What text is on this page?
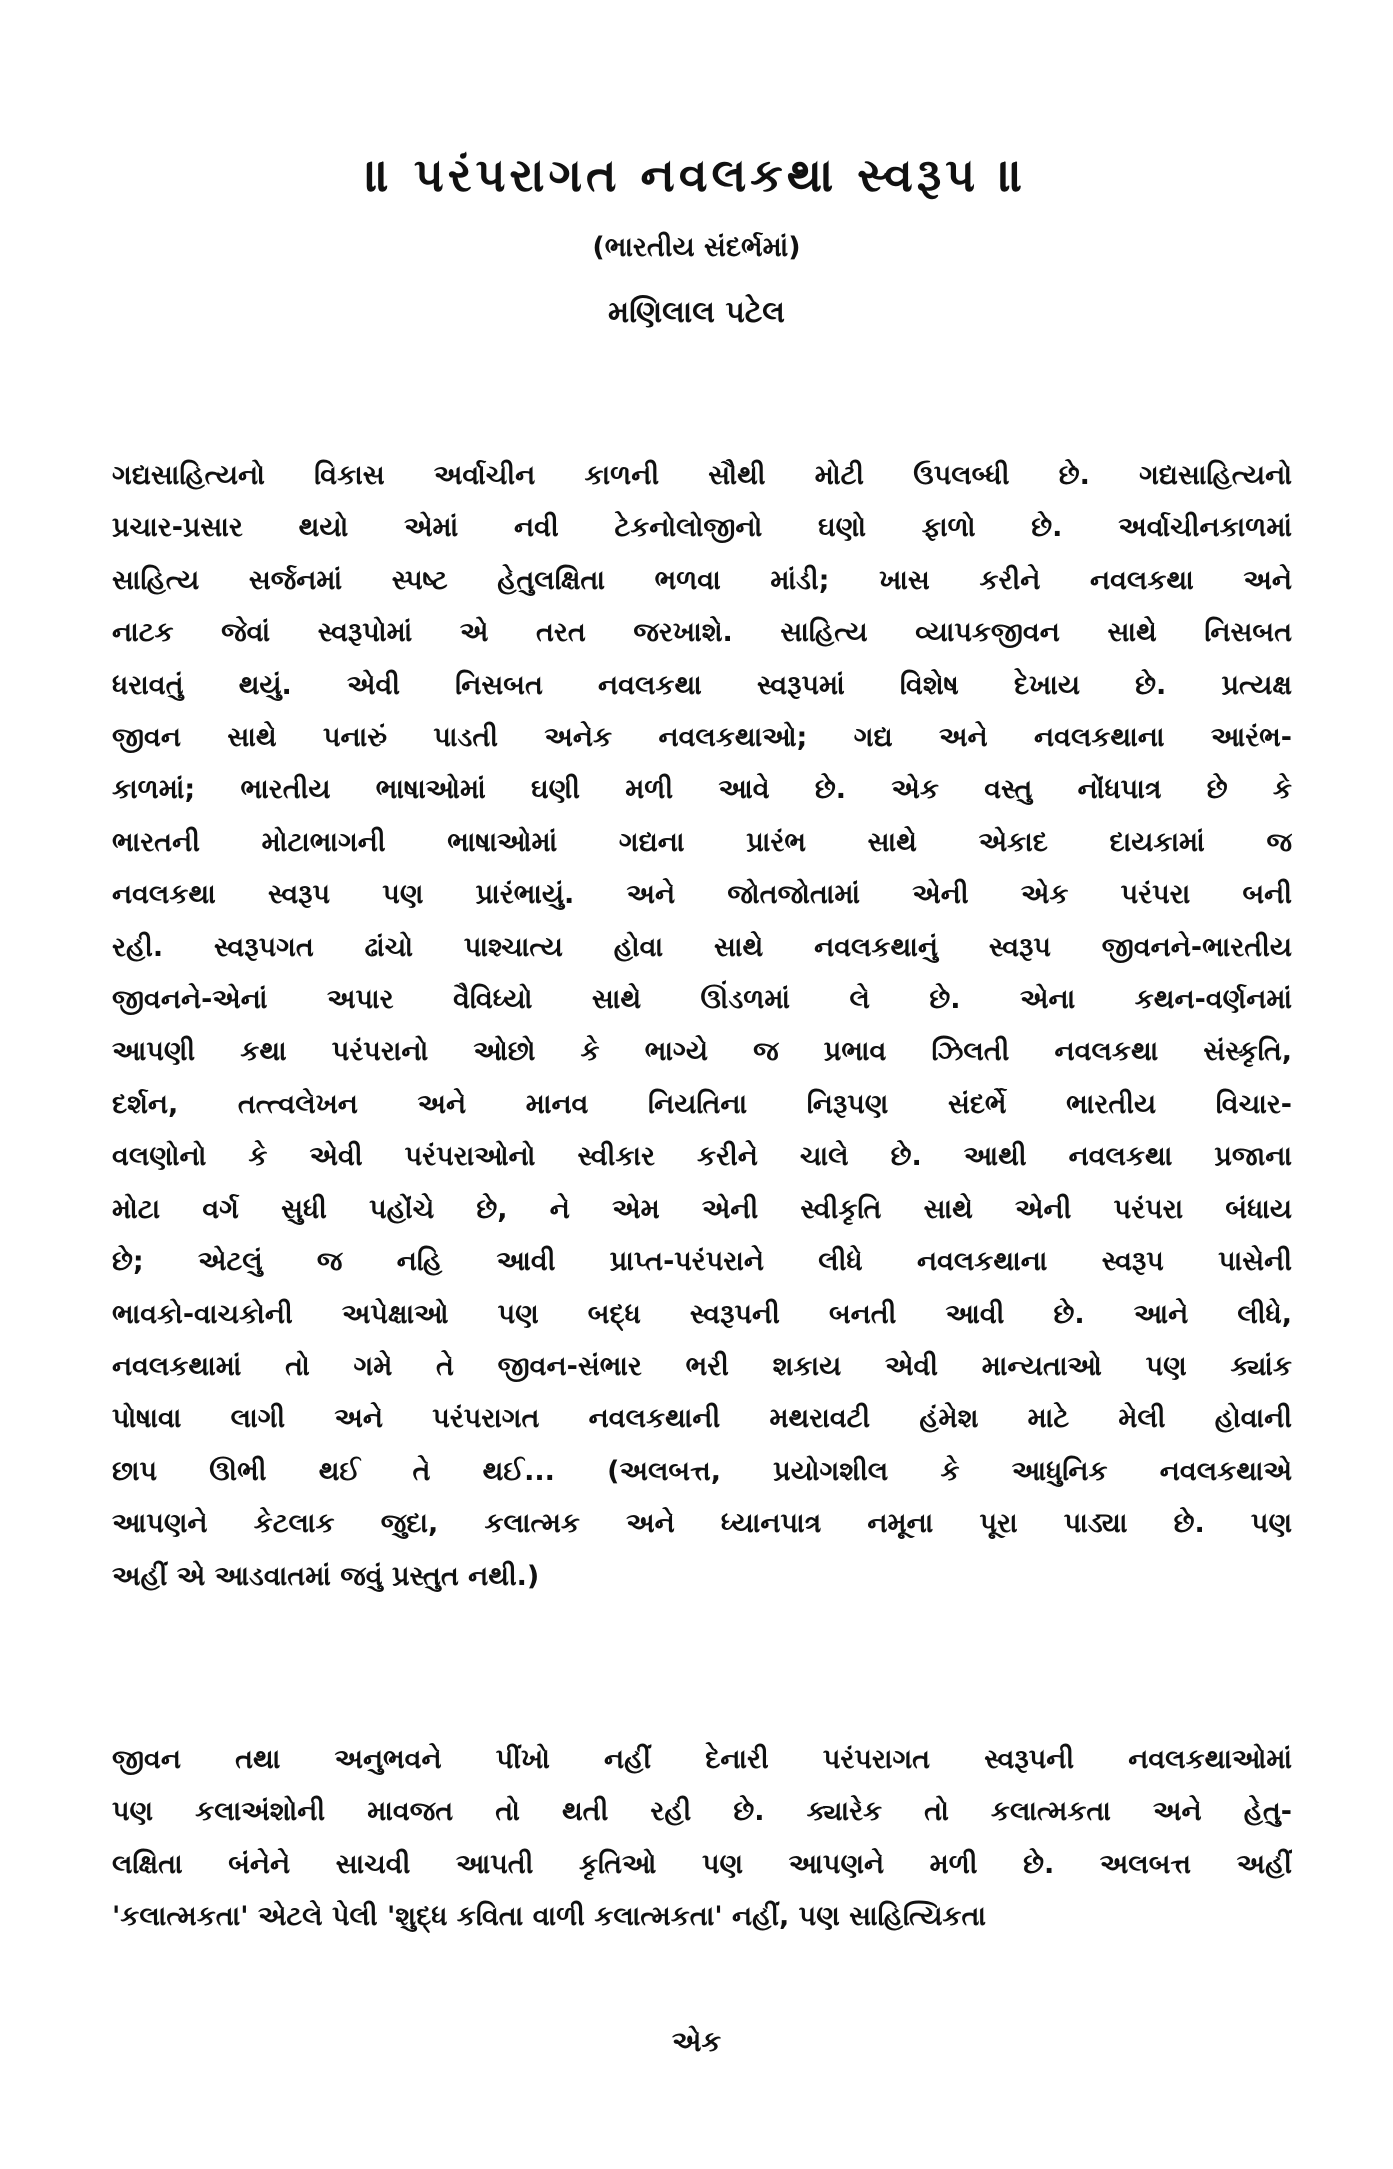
॥ પરંપરાગત નવલકથા સ્વરૂપ ॥
(ભારતીય સંદર્ભમાં)
મણિલાલ પટેલ
ગદ્યસાહિત્યનો વિકાસ અર્વાચીન કાળની સૌથી મોટી ઉપલબ્ધી છે. ગદ્યસાહિત્યનો
પ્રચાર-પ્રસાર થયો એમાં નવી ટેકનોલોજીનો ઘણો ફાળો છે. અર્વાચીનકાળમાં
સાહિત્ય સર્જનમાં સ્પષ્ટ હેતુલક્ષિતા ભળવા માંડી; ખાસ કરીને નવલકથા અને
નાટક જેવાં સ્વરૂપોમાં એ તરત જરખાશે. સાહિત્ય વ્યાપકજીવન સાથે નિસબત
ધરાવતું થયું. એવી નિસબત નવલકથા સ્વરૂપમાં વિશેષ દેખાય છે. પ્રત્યક્ષ
જીવન સાથે પનારું પાડતી અનેક નવલકથાઓ; ગદ્ય અને નવલકથાના આરંભ-
કાળમાં; ભારતીય ભાષાઓમાં ઘણી મળી આવે છે. એક વસ્તુ નોંધપાત્ર છે કે
ભારતની મોટાભાગની ભાષાઓમાં ગદ્યના પ્રારંભ સાથે એકાદ દાયકામાં જ
નવલકથા સ્વરૂપ પણ પ્રારંભાયું. અને જોતજોતામાં એની એક પરંપરા બની
રહી. સ્વરૂપગત ઢાંચો પાશ્ચાત્ય હોવા સાથે નવલકથાનું સ્વરૂપ જીવનને-ભારતીય
જીવનને-એનાં અપાર વૈવિધ્યો સાથે ઊંડળમાં લે છે. એના કથન-વર્ણનમાં
આપણી કથા પરંપરાનો ઓછો કે ભાગ્યે જ પ્રભાવ ઝિલતી નવલકથા સંસ્કૃતિ,
દર્શન, તત્ત્વલેખન અને માનવ નિયતિના નિરૂપણ સંદર્ભે ભારતીય વિચાર-
વલણોનો કે એવી પરંપરાઓનો સ્વીકાર કરીને ચાલે છે. આથી નવલકથા પ્રજાના
મોટા વર્ગ સુધી પહોંચે છે, ને એમ એની સ્વીકૃતિ સાથે એની પરંપરા બંધાય
છે; એટલું જ નહિ આવી પ્રાપ્ત-પરંપરાને લીધે નવલકથાના સ્વરૂપ પાસેની
ભાવકો-વાચકોની અપેક્ષાઓ પણ બદ્ધ સ્વરૂપની બનતી આવી છે. આને લીધે,
નવલકથામાં તો ગમે તે જીવન-સંભાર ભરી શકાય એવી માન્યતાઓ પણ ક્યાંક
પોષાવા લાગી અને પરંપરાગત નવલકથાની મથરાવટી હંમેશ માટે મેલી હોવાની
છાપ ઊભી થઈ તે થઈ... (અલબત્ત, પ્રયોગશીલ કે આધુનિક નવલકથાએ
આપણને કેટલાક જુદા, કલાત્મક અને ધ્યાનપાત્ર નમૂના પૂરા પાડ્યા છે. પણ
અહીં એ આડવાતમાં જવું પ્રસ્તુત નથી.)
જીવન તથા અનુભવને પીંખો નહીં દેનારી પરંપરાગત સ્વરૂપની નવલકથાઓમાં
પણ કલાઅંશોની માવજત તો થતી રહી છે. ક્યારેક તો કલાત્મકતા અને હેતુ-
લક્ષિતા બંનેને સાચવી આપતી કૃતિઓ પણ આપણને મળી છે. અલબત્ત અહીં
'કલાત્મકતા' એટલે પેલી 'શુદ્ધ કવિતા વાળી કલાત્મકતા' નહીં, પણ સાહિત્યિકતા
એક
